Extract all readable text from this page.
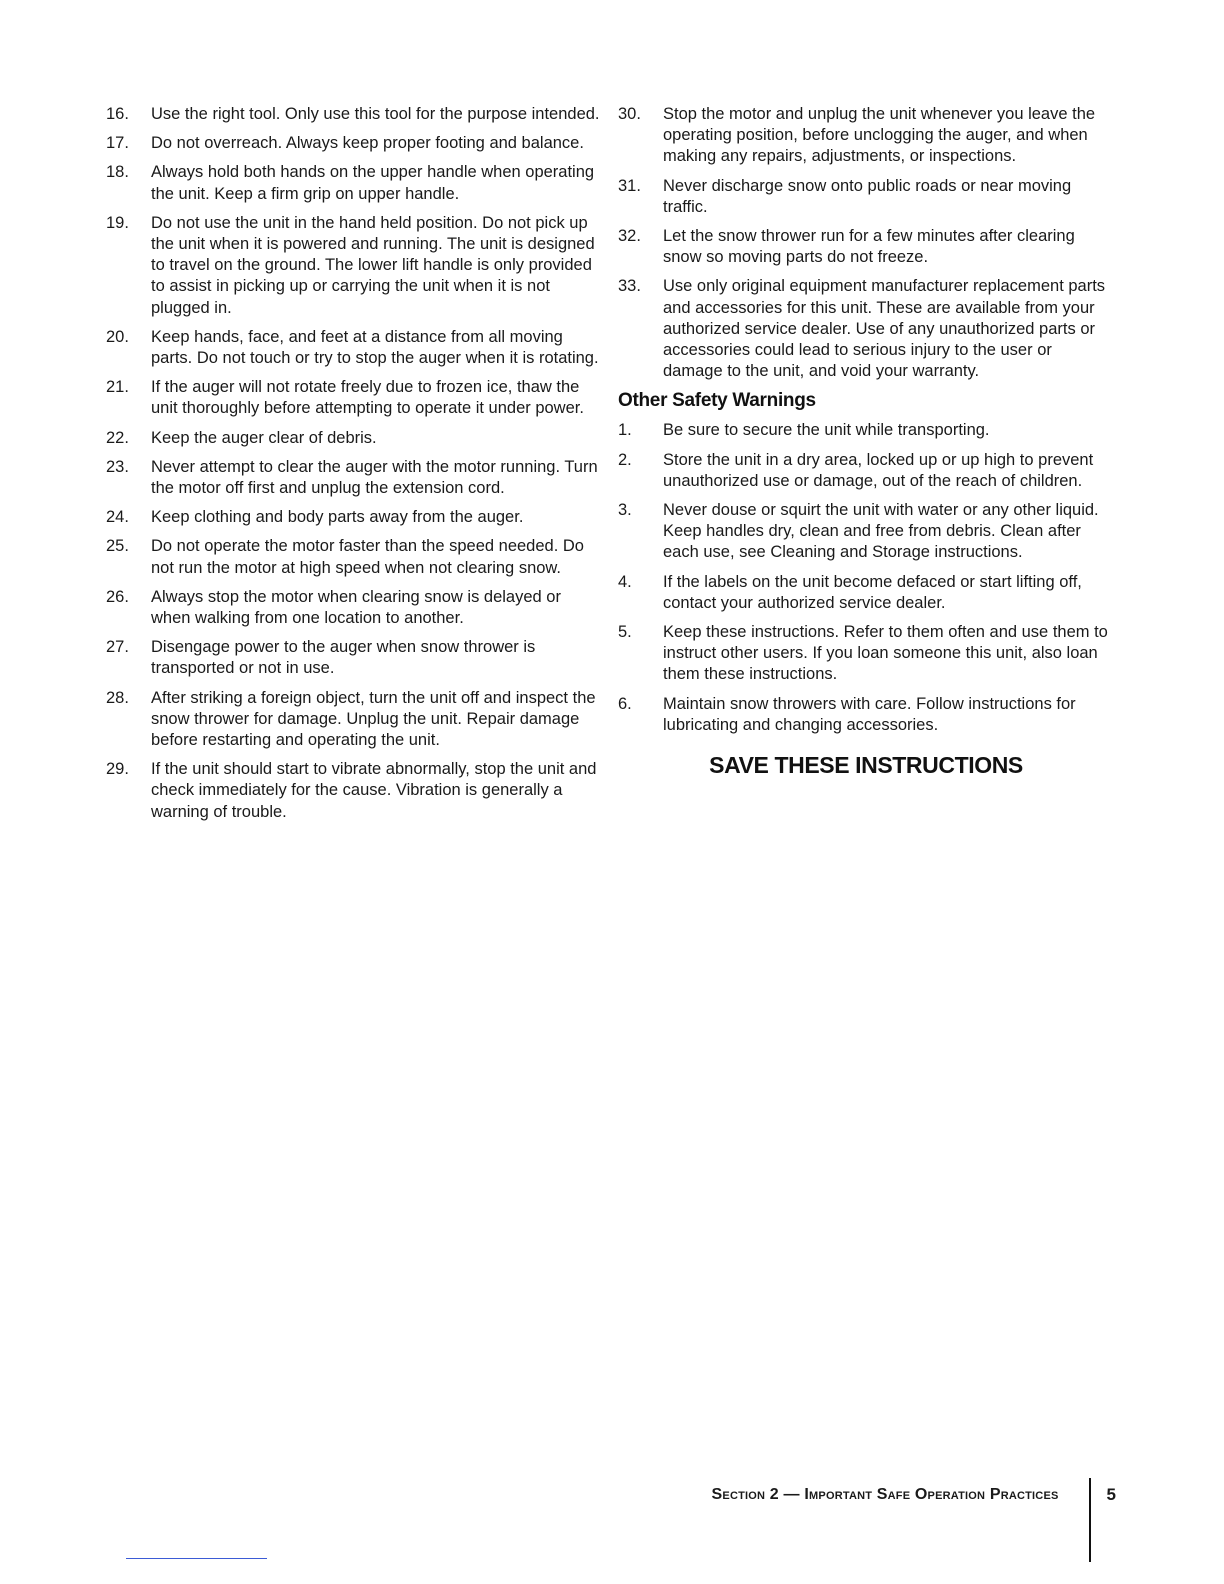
16.	Use the right tool. Only use this tool for the purpose intended.
17.	Do not overreach. Always keep proper footing and balance.
18.	Always hold both hands on the upper handle when operating the unit. Keep a firm grip on upper handle.
19.	Do not use the unit in the hand held position. Do not pick up the unit when it is powered and running. The unit is designed to travel on the ground. The lower lift handle is only provided to assist in picking up or carrying the unit when it is not plugged in.
20.	Keep hands, face, and feet at a distance from all moving parts. Do not touch or try to stop the auger when it is rotating.
21.	If the auger will not rotate freely due to frozen ice, thaw the unit thoroughly before attempting to operate it under power.
22.	Keep the auger clear of debris.
23.	Never attempt to clear the auger with the motor running. Turn the motor off first and unplug the extension cord.
24.	Keep clothing and body parts away from the auger.
25.	Do not operate the motor faster than the speed needed. Do not run the motor at high speed when not clearing snow.
26.	Always stop the motor when clearing snow is delayed or when walking from one location to another.
27.	Disengage power to the auger when snow thrower is transported or not in use.
28.	After striking a foreign object, turn the unit off and inspect the snow thrower for damage. Unplug the unit. Repair damage before restarting and operating the unit.
29.	If the unit should start to vibrate abnormally, stop the unit and check immediately for the cause. Vibration is generally a warning of trouble.
30.	Stop the motor and unplug the unit whenever you leave the operating position, before unclogging the auger, and when making any repairs, adjustments, or inspections.
31.	Never discharge snow onto public roads or near moving traffic.
32.	Let the snow thrower run for a few minutes after clearing snow so moving parts do not freeze.
33.	Use only original equipment manufacturer replacement parts and accessories for this unit. These are available from your authorized service dealer. Use of any unauthorized parts or accessories could lead to serious injury to the user or damage to the unit, and void your warranty.
Other Safety Warnings
1.	Be sure to secure the unit while transporting.
2.	Store the unit in a dry area, locked up or up high to prevent unauthorized use or damage, out of the reach of children.
3.	Never douse or squirt the unit with water or any other liquid. Keep handles dry, clean and free from debris. Clean after each use, see Cleaning and Storage instructions.
4.	If the labels on the unit become defaced or start lifting off, contact your authorized service dealer.
5.	Keep these instructions. Refer to them often and use them to instruct other users. If you loan someone this unit, also loan them these instructions.
6.	Maintain snow throwers with care. Follow instructions for lubricating and changing accessories.
SAVE THESE INSTRUCTIONS
Section 2 — Important Safe Operation Practices	5
